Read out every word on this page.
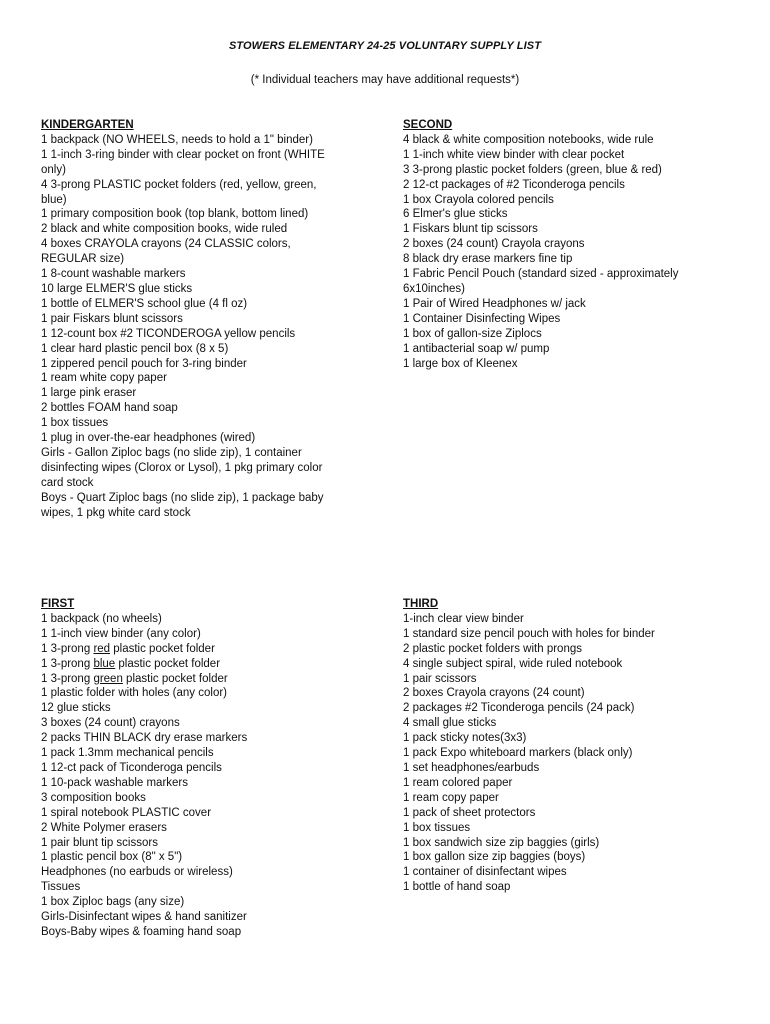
STOWERS ELEMENTARY 24-25 VOLUNTARY SUPPLY LIST
(* Individual teachers may have additional requests*)
KINDERGARTEN
1 backpack (NO WHEELS, needs to hold a 1" binder)
1 1-inch 3-ring binder with clear pocket on front (WHITE
only)
4 3-prong PLASTIC pocket folders (red, yellow, green,
blue)
1 primary composition book (top blank, bottom lined)
2 black and white composition books, wide ruled
4 boxes CRAYOLA crayons (24 CLASSIC colors,
REGULAR size)
1 8-count washable markers
10 large ELMER'S glue sticks
1 bottle of ELMER'S school glue (4 fl oz)
1 pair Fiskars blunt scissors
1 12-count box #2 TICONDEROGA yellow pencils
1 clear hard plastic pencil box (8 x 5)
1 zippered pencil pouch for 3-ring binder
1 ream white copy paper
1 large pink eraser
2 bottles FOAM hand soap
1 box tissues
1 plug in over-the-ear headphones (wired)
Girls - Gallon Ziploc bags (no slide zip), 1 container
disinfecting wipes (Clorox or Lysol), 1 pkg primary color
card stock
Boys - Quart Ziploc bags (no slide zip), 1 package baby
wipes, 1 pkg white card stock
SECOND
4 black & white composition notebooks, wide rule
1 1-inch white view binder with clear pocket
3 3-prong plastic pocket folders (green, blue & red)
2 12-ct packages of #2 Ticonderoga pencils
1 box Crayola colored pencils
6 Elmer's glue sticks
1 Fiskars blunt tip scissors
2 boxes (24 count) Crayola crayons
8 black dry erase markers fine tip
1 Fabric Pencil Pouch (standard sized - approximately
6x10inches)
1 Pair of Wired Headphones w/ jack
1 Container Disinfecting Wipes
1 box of gallon-size Ziplocs
1 antibacterial soap w/ pump
1 large box of Kleenex
FIRST
1 backpack (no wheels)
1 1-inch view binder (any color)
1 3-prong red plastic pocket folder
1 3-prong blue plastic pocket folder
1 3-prong green plastic pocket folder
1 plastic folder with holes (any color)
12 glue sticks
3 boxes (24 count) crayons
2 packs THIN BLACK dry erase markers
1 pack 1.3mm mechanical pencils
1 12-ct pack of Ticonderoga pencils
1 10-pack washable markers
3 composition books
1 spiral notebook PLASTIC cover
2 White Polymer erasers
1 pair blunt tip scissors
1 plastic pencil box (8" x 5")
Headphones (no earbuds or wireless)
Tissues
1 box Ziploc bags (any size)
Girls-Disinfectant wipes & hand sanitizer
Boys-Baby wipes & foaming hand soap
THIRD
1-inch clear view binder
1 standard size pencil pouch with holes for binder
2 plastic pocket folders with prongs
4 single subject spiral, wide ruled notebook
1 pair scissors
2 boxes Crayola crayons (24 count)
2 packages #2 Ticonderoga pencils (24 pack)
4 small glue sticks
1 pack sticky notes(3x3)
1 pack Expo whiteboard markers (black only)
1 set headphones/earbuds
1 ream colored paper
1 ream copy paper
1 pack of sheet protectors
1 box tissues
1 box sandwich size zip baggies (girls)
1 box gallon size zip baggies (boys)
1 container of disinfectant wipes
1 bottle of hand soap
